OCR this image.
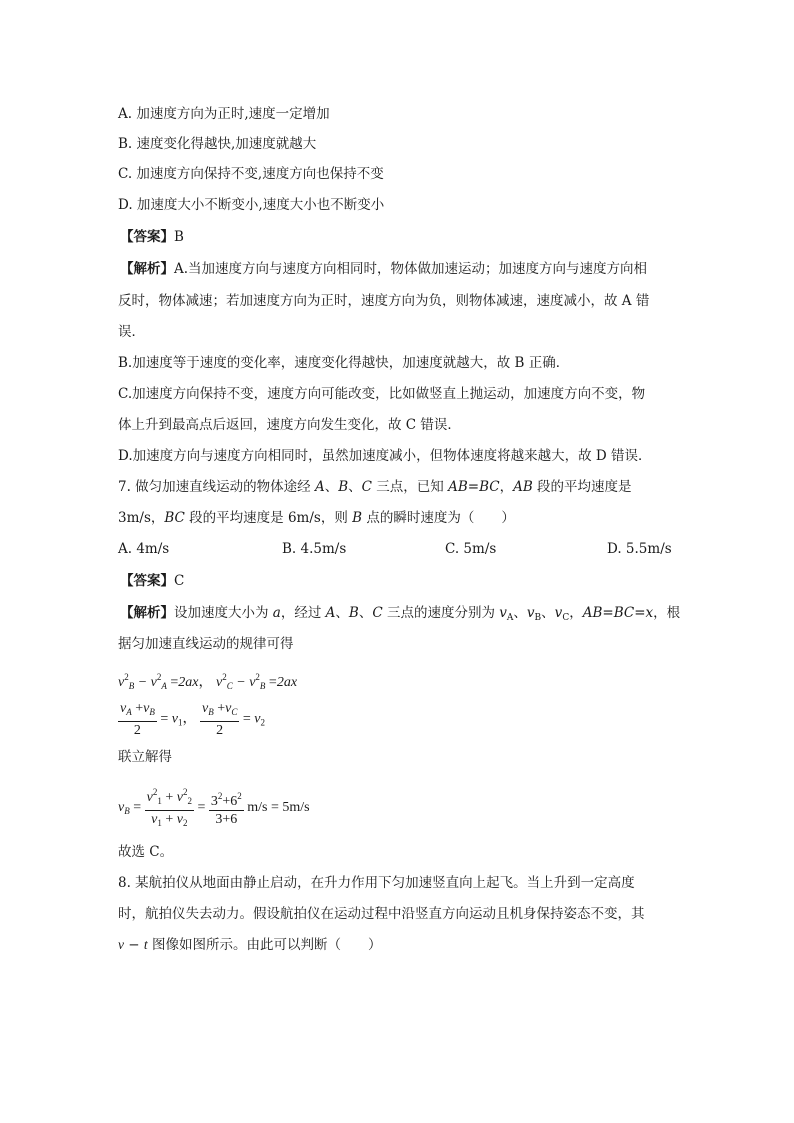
A. 加速度方向为正时,速度一定增加
B. 速度变化得越快,加速度就越大
C. 加速度方向保持不变,速度方向也保持不变
D. 加速度大小不断变小,速度大小也不断变小
【答案】B
【解析】A.当加速度方向与速度方向相同时，物体做加速运动；加速度方向与速度方向相
反时，物体减速；若加速度方向为正时，速度方向为负，则物体减速，速度减小，故 A 错
误．
B.加速度等于速度的变化率，速度变化得越快，加速度就越大，故 B 正确．
C.加速度方向保持不变，速度方向可能改变，比如做竖直上抛运动，加速度方向不变，物
体上升到最高点后返回，速度方向发生变化，故 C 错误．
D.加速度方向与速度方向相同时，虽然加速度减小，但物体速度将越来越大，故 D 错误．
7. 做匀加速直线运动的物体途经 A、B、C 三点，已知 AB=BC，AB 段的平均速度是
3m/s，BC 段的平均速度是 6m/s，则 B 点的瞬时速度为（　　）
A. 4m/s	B. 4.5m/s	C. 5m/s	D. 5.5m/s
【答案】C
【解析】设加速度大小为 a，经过 A、B、C 三点的速度分别为 $v_A$、$v_B$、$v_C$，AB=BC=x，根
据匀加速直线运动的规律可得
$v^2_B - v^2_A =2ax$， $v^2_C - v^2_B =2ax$
$\frac{v_A +v_B}{2} = v_1$， $\frac{v_B +v_C}{2} = v_2$
联立解得
$v_B = \frac{v^2_1 + v^2_2}{v_1 + v_2} = \frac{3^2+6^2}{3+6} m/s = 5m/s$
故选 C。
8. 某航拍仪从地面由静止启动，在升力作用下匀加速竖直向上起飞。当上升到一定高度
时，航拍仪失去动力。假设航拍仪在运动过程中沿竖直方向运动且机身保持姿态不变，其
v − t 图像如图所示。由此可以判断（　　）
